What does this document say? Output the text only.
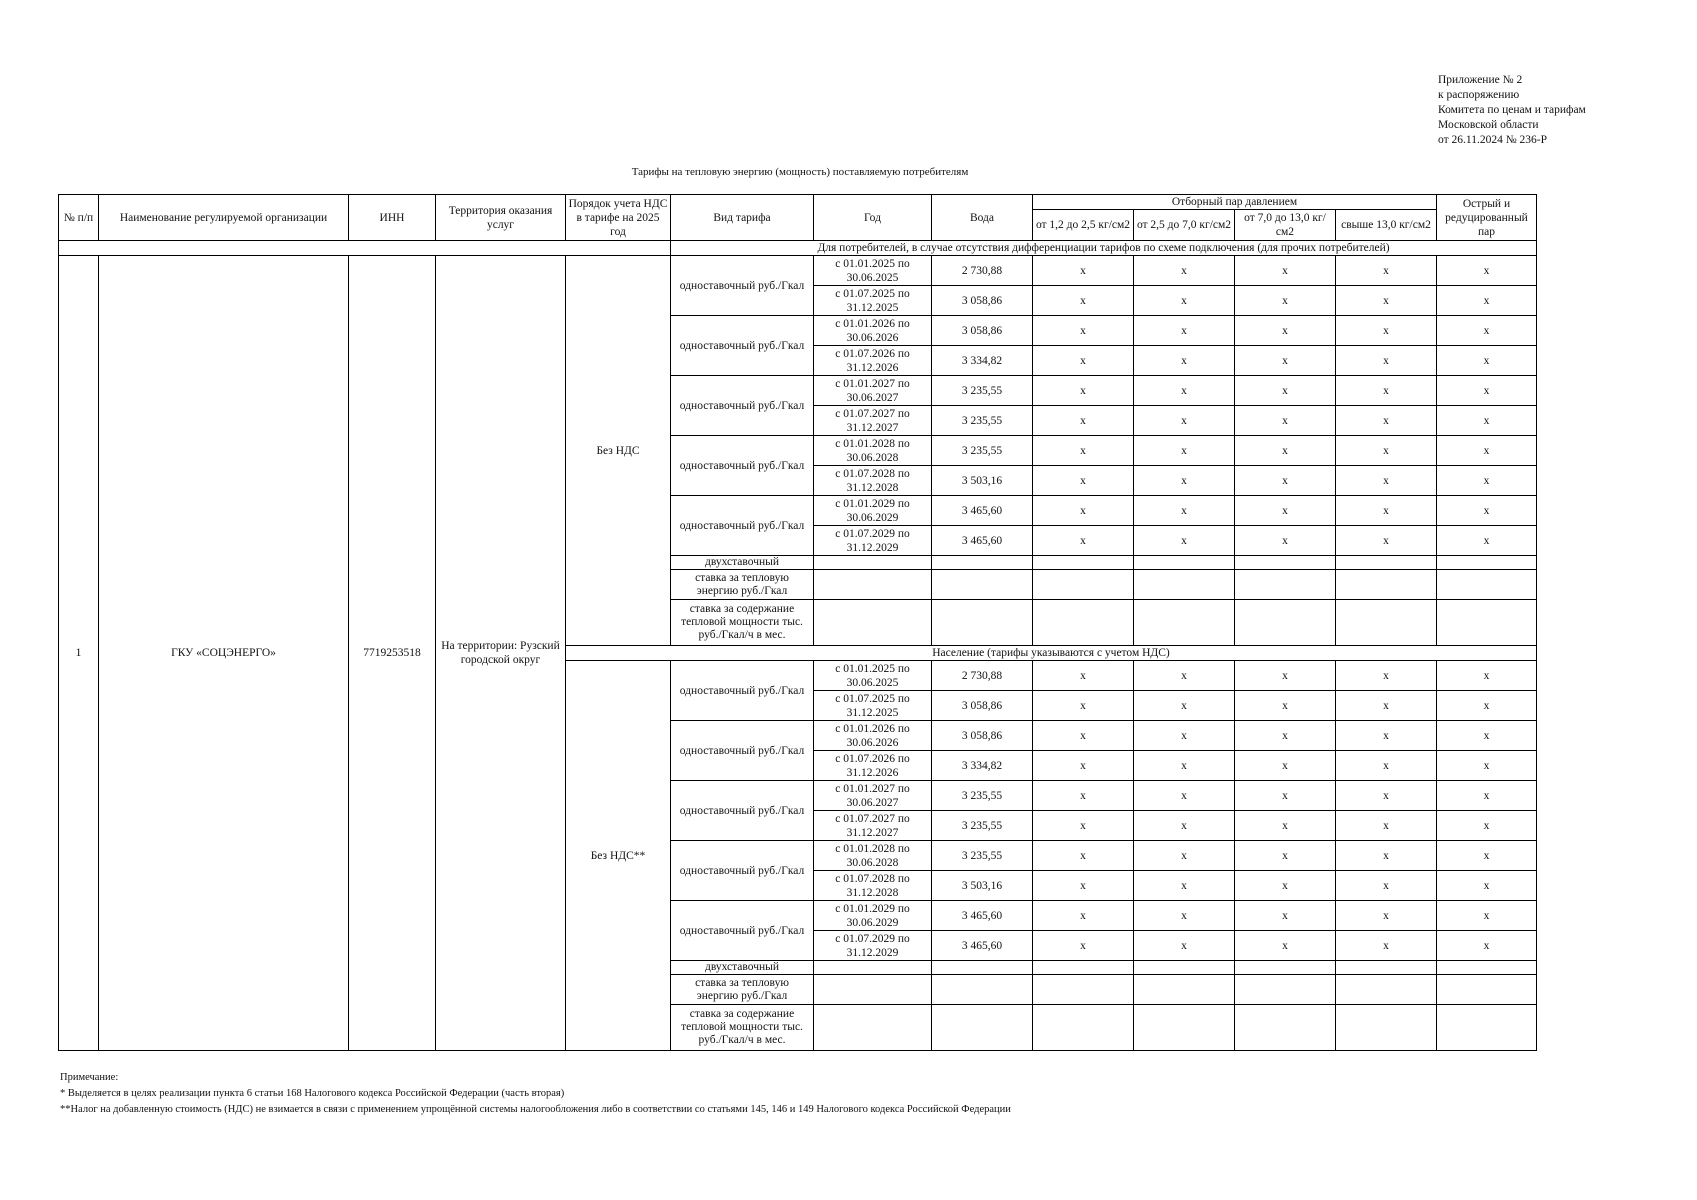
Приложение № 2
к распоряжению
Комитета по ценам и тарифам
Московской области
от 26.11.2024 № 236-Р
Тарифы на тепловую энергию (мощность) поставляемую потребителям
№ п/п	Наименование регулируемой организации	ИНН	Территория оказания услуг	Порядок учета НДС в тарифе на 2025 год	Вид тарифа	Год	Вода	Отборный пар давлением				Острый и редуцированный пар
								от 1,2 до 2,5 кг/см2	от 2,5 до 7,0 кг/см2	от 7,0 до 13,0 кг/см2	свыше 13,0 кг/см2	
					Для потребителей, в случае отсутствия дифференциации тарифов по схеме подключения (для прочих потребителей)							
1	ГКУ «СОЦЭНЕРГО»	7719253518	На территории: Рузский городской округ	Без НДС	одноставочный руб./Гкал	с 01.01.2025 по 30.06.2025	2 730,88	x	x	x	x	x
						с 01.07.2025 по 31.12.2025	3 058,86	x	x	x	x	x
					одноставочный руб./Гкал	с 01.01.2026 по 30.06.2026	3 058,86	x	x	x	x	x
						с 01.07.2026 по 31.12.2026	3 334,82	x	x	x	x	x
					одноставочный руб./Гкал	с 01.01.2027 по 30.06.2027	3 235,55	x	x	x	x	x
						с 01.07.2027 по 31.12.2027	3 235,55	x	x	x	x	x
					одноставочный руб./Гкал	с 01.01.2028 по 30.06.2028	3 235,55	x	x	x	x	x
						с 01.07.2028 по 31.12.2028	3 503,16	x	x	x	x	x
					одноставочный руб./Гкал	с 01.01.2029 по 30.06.2029	3 465,60	x	x	x	x	x
						с 01.07.2029 по 31.12.2029	3 465,60	x	x	x	x	x
					двухставочный							
					ставка за тепловую энергию руб./Гкал							
					ставка за содержание тепловой мощности тыс. руб./Гкал/ч в мес.							
				Население (тарифы указываются с учетом НДС)								
				Без НДС**	одноставочный руб./Гкал	с 01.01.2025 по 30.06.2025	2 730,88	x	x	x	x	x
						с 01.07.2025 по 31.12.2025	3 058,86	x	x	x	x	x
					одноставочный руб./Гкал	с 01.01.2026 по 30.06.2026	3 058,86	x	x	x	x	x
						с 01.07.2026 по 31.12.2026	3 334,82	x	x	x	x	x
					одноставочный руб./Гкал	с 01.01.2027 по 30.06.2027	3 235,55	x	x	x	x	x
						с 01.07.2027 по 31.12.2027	3 235,55	x	x	x	x	x
					одноставочный руб./Гкал	с 01.01.2028 по 30.06.2028	3 235,55	x	x	x	x	x
						с 01.07.2028 по 31.12.2028	3 503,16	x	x	x	x	x
					одноставочный руб./Гкал	с 01.01.2029 по 30.06.2029	3 465,60	x	x	x	x	x
						с 01.07.2029 по 31.12.2029	3 465,60	x	x	x	x	x
					двухставочный							
					ставка за тепловую энергию руб./Гкал							
					ставка за содержание тепловой мощности тыс. руб./Гкал/ч в мес.							
Примечание:
* Выделяется в целях реализации пункта 6 статьи 168 Налогового кодекса Российской Федерации (часть вторая)
**Налог на добавленную стоимость (НДС) не взимается в связи с применением упрощённой системы налогообложения либо в соответствии со статьями 145, 146 и 149 Налогового кодекса Российской Федерации
